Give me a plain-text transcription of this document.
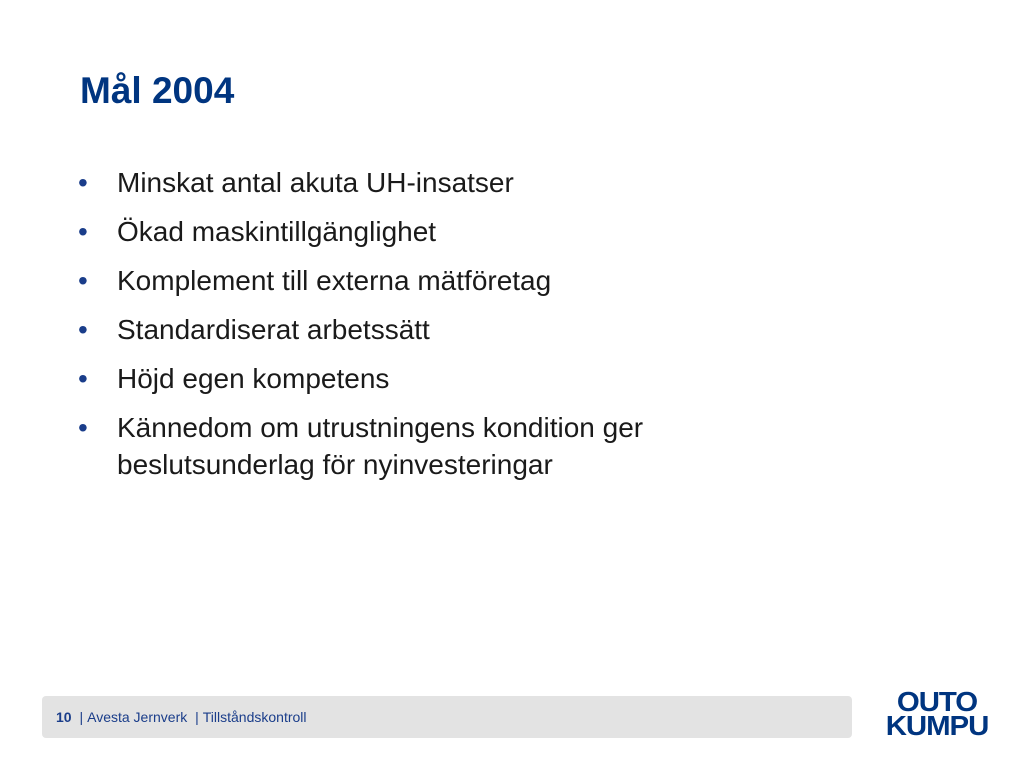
Mål 2004
• Minskat antal akuta UH-insatser
• Ökad maskintillgänglighet
• Komplement till externa mätföretag
• Standardiserat arbetssätt
• Höjd egen kompetens
• Kännedom om utrustningens kondition ger beslutsunderlag för nyinvesteringar
10 | Avesta Jernverk | Tillståndskontroll	OUTO
KUMPU
